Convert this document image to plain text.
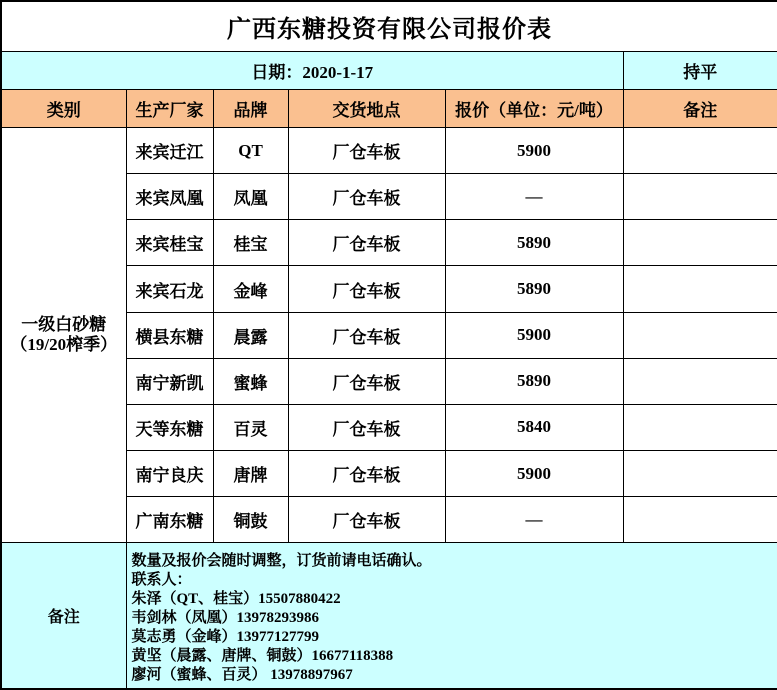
广西东糖投资有限公司报价表					
日期：2020-1-17					持平
类别	生产厂家	品牌	交货地点	报价（单位：元/吨）	备注

一级白砂糖
（19/20榨季）	来宾迁江	QT	厂仓车板	5900	
	来宾凤凰	凤凰	厂仓车板	—	
	来宾桂宝	桂宝	厂仓车板	5890	
	来宾石龙	金峰	厂仓车板	5890	
	横县东糖	晨露	厂仓车板	5900	
	南宁新凯	蜜蜂	厂仓车板	5890	
	天等东糖	百灵	厂仓车板	5840	
	南宁良庆	唐牌	厂仓车板	5900	
	广南东糖	铜鼓	厂仓车板	—	
备注	
数量及报价会随时调整，订货前请电话确认。
联系人：
朱泽（QT、桂宝）15507880422
韦剑林（凤凰）13978293986
莫志勇（金峰）13977127799
黄坚（晨露、唐牌、铜鼓）16677118388
廖河（蜜蜂、百灵） 13978897967
